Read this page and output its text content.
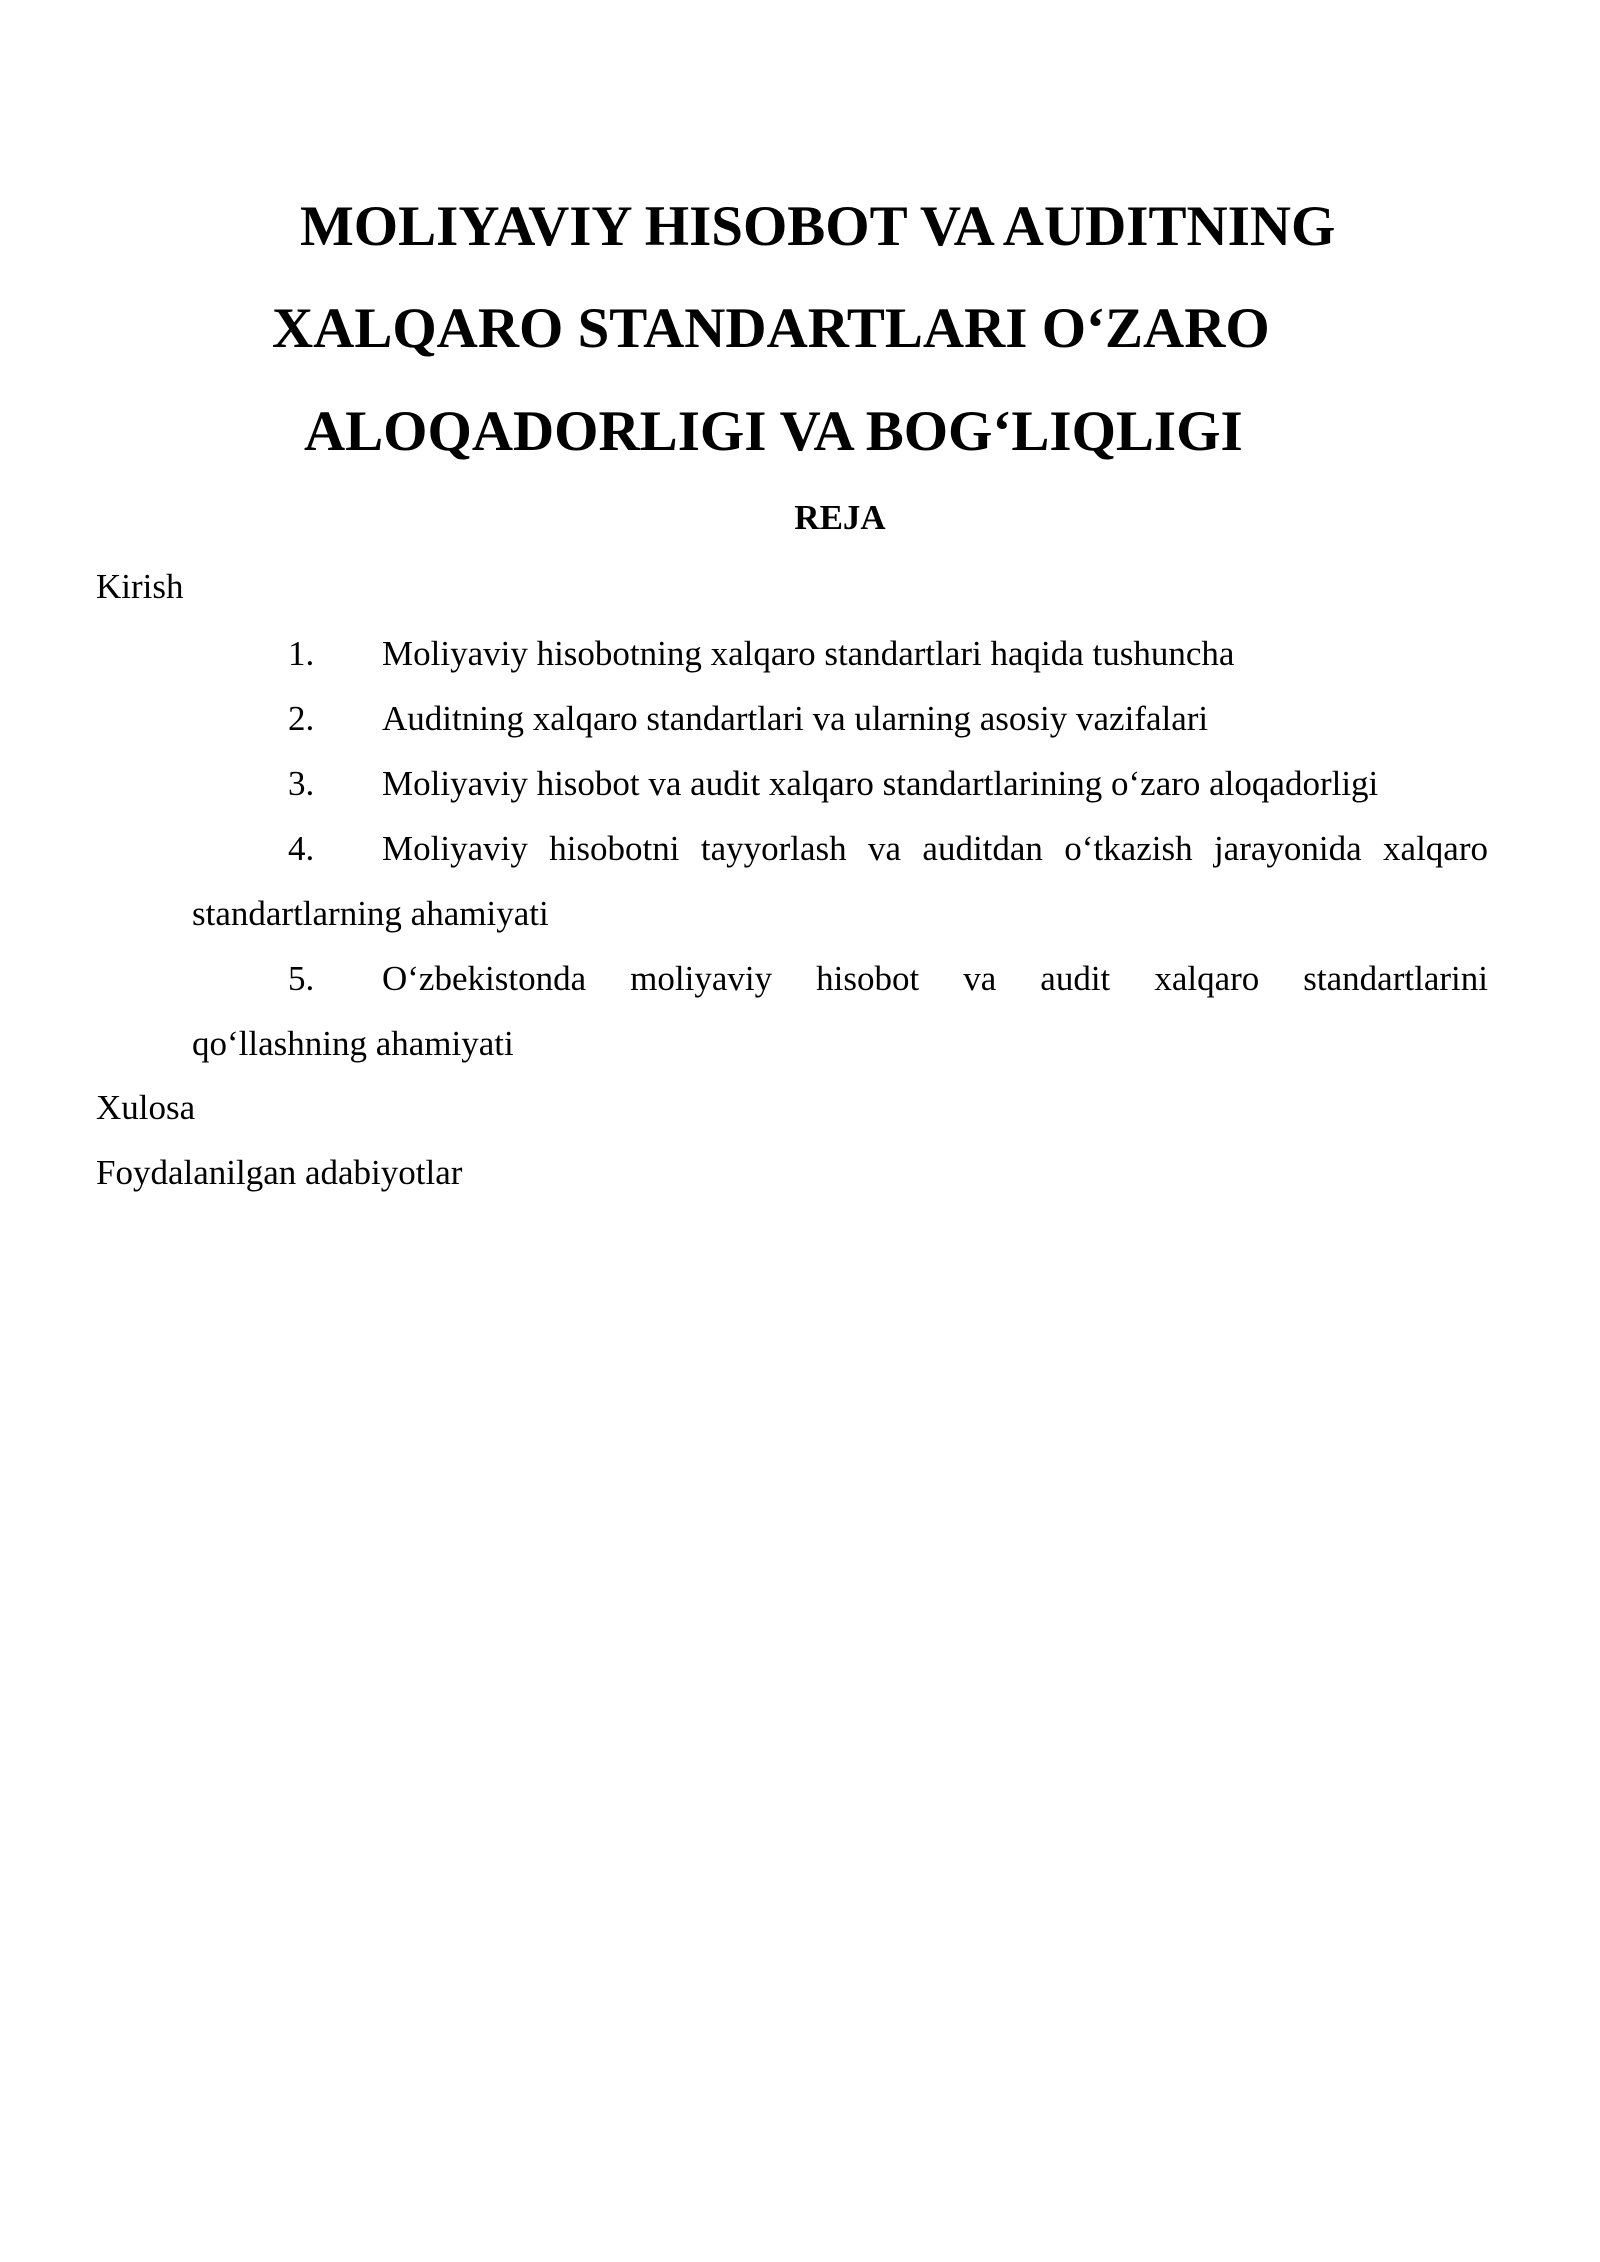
MOLIYAVIY HISOBOT VA AUDITNING
XALQARO STANDARTLARI O‘ZARO
ALOQADORLIGI VA BOG‘LIQLIGI
REJA

Kirish

1. Moliyaviy hisobotning xalqaro standartlari haqida tushuncha
2. Auditning xalqaro standartlari va ularning asosiy vazifalari
3. Moliyaviy hisobot va audit xalqaro standartlarining o‘zaro aloqadorligi
4. Moliyaviy hisobotni tayyorlash va auditdan o‘tkazish jarayonida xalqaro
standartlarning ahamiyati
5. O‘zbekistonda moliyaviy hisobot va audit xalqaro standartlarini
qo‘llashning ahamiyati

Xulosa

Foydalanilgan adabiyotlar
